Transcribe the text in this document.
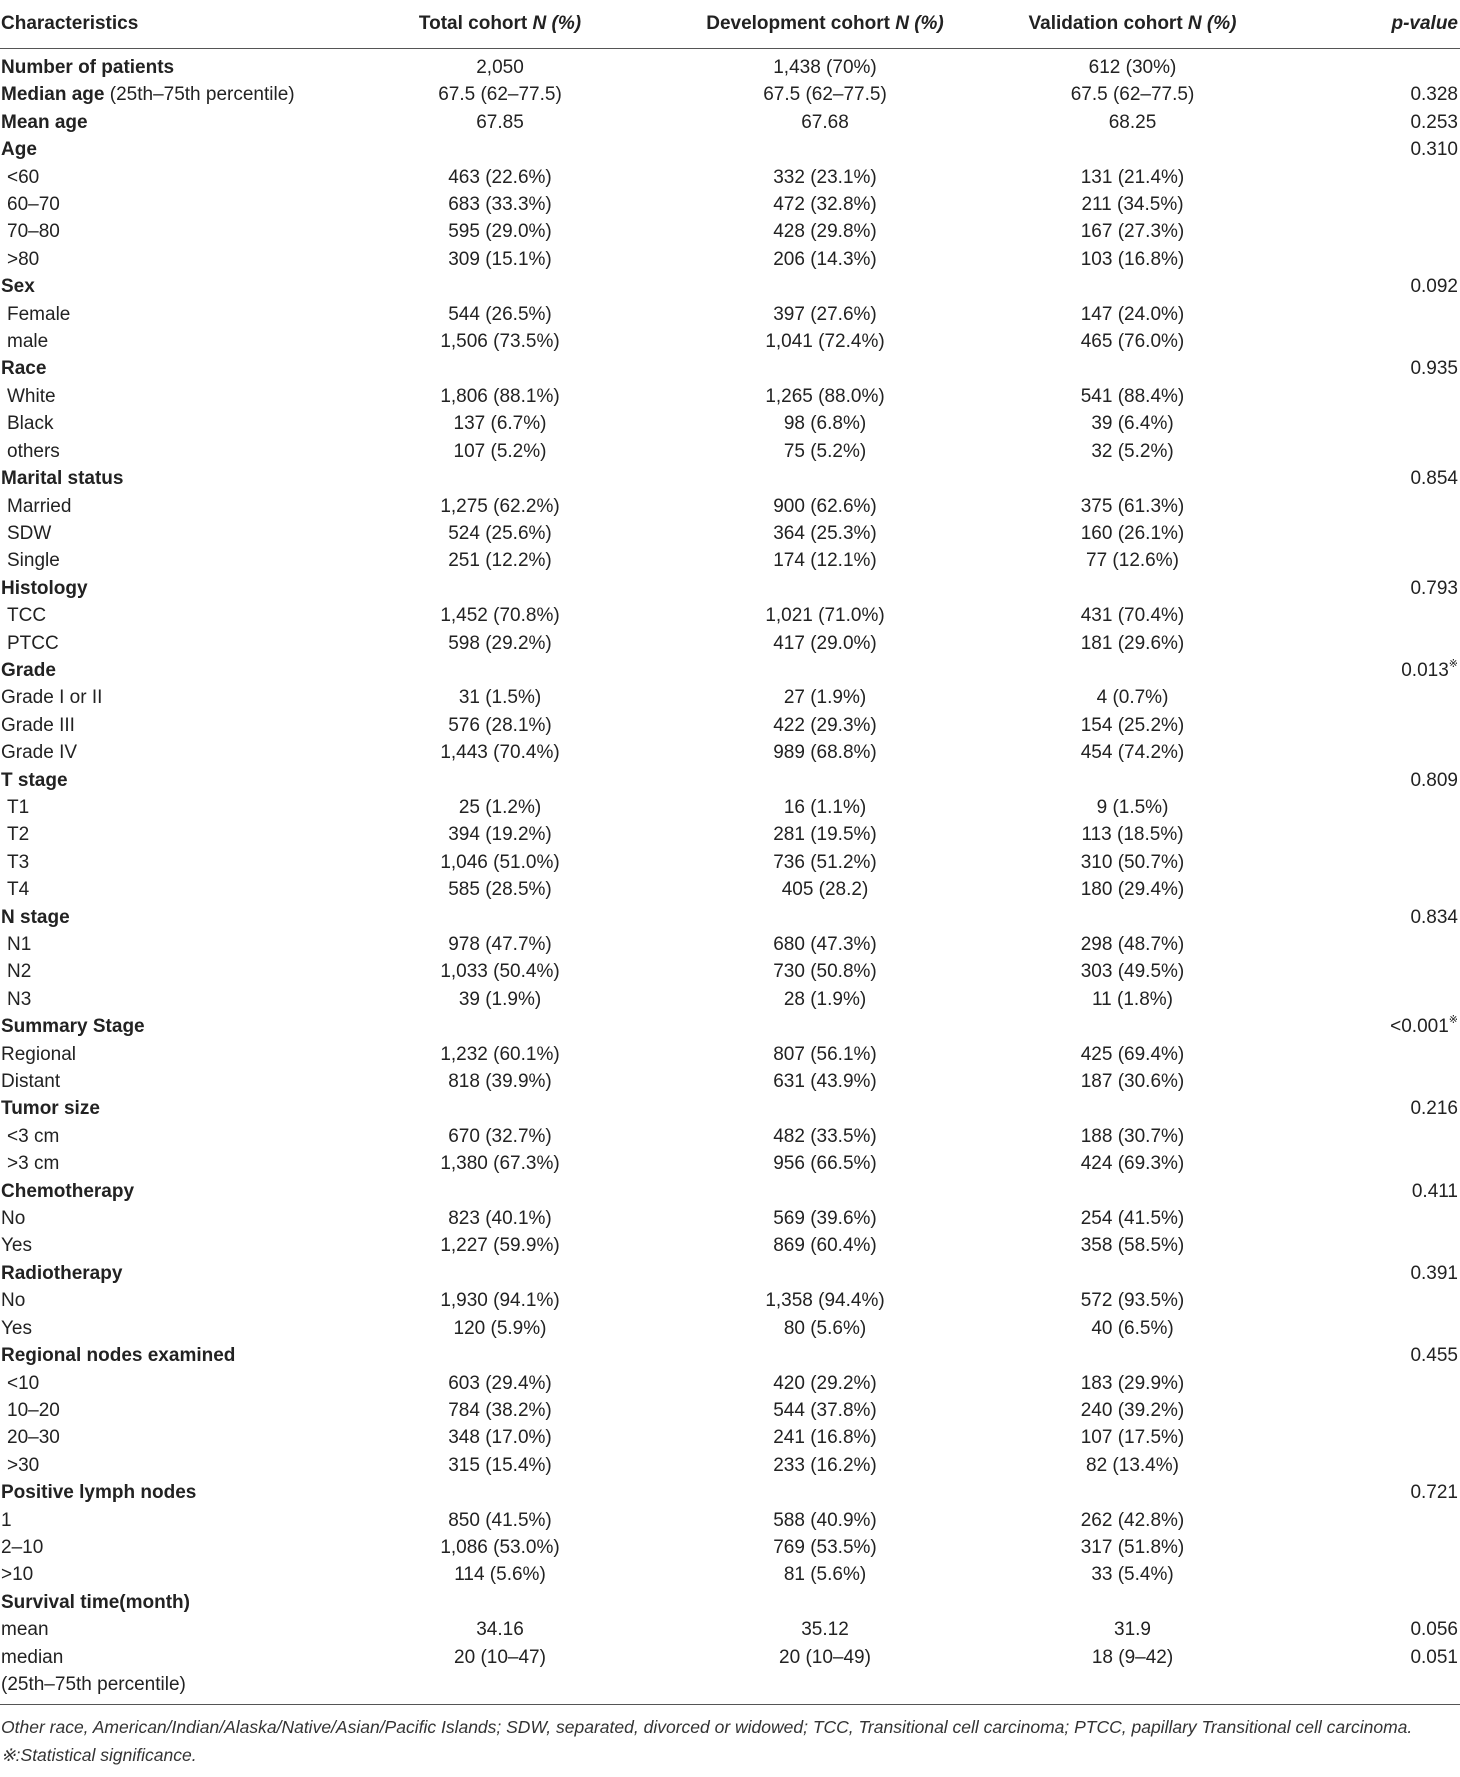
Characteristics	Total cohort N (%)	Development cohort N (%)	Validation cohort N (%)	p-value
Number of patients	2,050	1,438 (70%)	612 (30%)	
Median age (25th–75th percentile)	67.5 (62–77.5)	67.5 (62–77.5)	67.5 (62–77.5)	0.328
Mean age	67.85	67.68	68.25	0.253
Age				0.310
<60	463 (22.6%)	332 (23.1%)	131 (21.4%)	
60–70	683 (33.3%)	472 (32.8%)	211 (34.5%)	
70–80	595 (29.0%)	428 (29.8%)	167 (27.3%)	
>80	309 (15.1%)	206 (14.3%)	103 (16.8%)	
Sex				0.092
Female	544 (26.5%)	397 (27.6%)	147 (24.0%)	
male	1,506 (73.5%)	1,041 (72.4%)	465 (76.0%)	
Race				0.935
White	1,806 (88.1%)	1,265 (88.0%)	541 (88.4%)	
Black	137 (6.7%)	98 (6.8%)	39 (6.4%)	
others	107 (5.2%)	75 (5.2%)	32 (5.2%)	
Marital status				0.854
Married	1,275 (62.2%)	900 (62.6%)	375 (61.3%)	
SDW	524 (25.6%)	364 (25.3%)	160 (26.1%)	
Single	251 (12.2%)	174 (12.1%)	77 (12.6%)	
Histology				0.793
TCC	1,452 (70.8%)	1,021 (71.0%)	431 (70.4%)	
PTCC	598 (29.2%)	417 (29.0%)	181 (29.6%)	
Grade				0.013※
Grade I or II	31 (1.5%)	27 (1.9%)	4 (0.7%)	
Grade III	576 (28.1%)	422 (29.3%)	154 (25.2%)	
Grade IV	1,443 (70.4%)	989 (68.8%)	454 (74.2%)	
T stage				0.809
T1	25 (1.2%)	16 (1.1%)	9 (1.5%)	
T2	394 (19.2%)	281 (19.5%)	113 (18.5%)	
T3	1,046 (51.0%)	736 (51.2%)	310 (50.7%)	
T4	585 (28.5%)	405 (28.2)	180 (29.4%)	
N stage				0.834
N1	978 (47.7%)	680 (47.3%)	298 (48.7%)	
N2	1,033 (50.4%)	730 (50.8%)	303 (49.5%)	
N3	39 (1.9%)	28 (1.9%)	11 (1.8%)	
Summary Stage				<0.001※
Regional	1,232 (60.1%)	807 (56.1%)	425 (69.4%)	
Distant	818 (39.9%)	631 (43.9%)	187 (30.6%)	
Tumor size				0.216
<3 cm	670 (32.7%)	482 (33.5%)	188 (30.7%)	
>3 cm	1,380 (67.3%)	956 (66.5%)	424 (69.3%)	
Chemotherapy				0.411
No	823 (40.1%)	569 (39.6%)	254 (41.5%)	
Yes	1,227 (59.9%)	869 (60.4%)	358 (58.5%)	
Radiotherapy				0.391
No	1,930 (94.1%)	1,358 (94.4%)	572 (93.5%)	
Yes	120 (5.9%)	80 (5.6%)	40 (6.5%)	
Regional nodes examined				0.455
<10	603 (29.4%)	420 (29.2%)	183 (29.9%)	
10–20	784 (38.2%)	544 (37.8%)	240 (39.2%)	
20–30	348 (17.0%)	241 (16.8%)	107 (17.5%)	
>30	315 (15.4%)	233 (16.2%)	82 (13.4%)	
Positive lymph nodes				0.721
1	850 (41.5%)	588 (40.9%)	262 (42.8%)	
2–10	1,086 (53.0%)	769 (53.5%)	317 (51.8%)	
>10	114 (5.6%)	81 (5.6%)	33 (5.4%)	
Survival time(month)				
mean	34.16	35.12	31.9	0.056

median
(25th–75th percentile)	20 (10–47)	20 (10–49)	18 (9–42)	0.051
Other race, American/Indian/Alaska/Native/Asian/Pacific Islands; SDW, separated, divorced or widowed; TCC, Transitional cell carcinoma; PTCC, papillary Transitional cell carcinoma.
※:Statistical significance.
